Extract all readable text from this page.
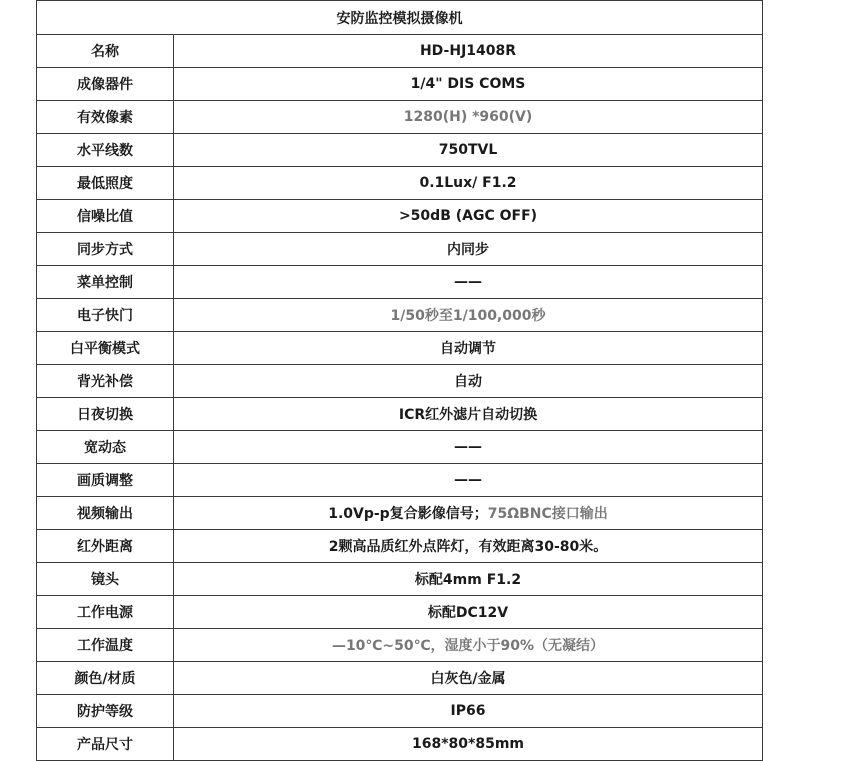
安防监控模拟摄像机	
名称	HD-HJ1408R
成像器件	1/4" DIS COMS
有效像素	1280(H) *960(V)
水平线数	750TVL
最低照度	0.1Lux/ F1.2
信噪比值	>50dB (AGC OFF)
同步方式	内同步
菜单控制	——
电子快门	1/50秒至1/100,000秒
白平衡模式	自动调节
背光补偿	自动
日夜切换	ICR红外滤片自动切换
宽动态	——
画质调整	——
视频输出	1.0Vp-p复合影像信号；75ΩBNC接口输出
红外距离	2颗高品质红外点阵灯，有效距离30-80米。
镜头	标配4mm F1.2
工作电源	标配DC12V
工作温度	—10℃~50℃，湿度小于90%（无凝结）
颜色/材质	白灰色/金属
防护等级	IP66
产品尺寸	168*80*85mm
